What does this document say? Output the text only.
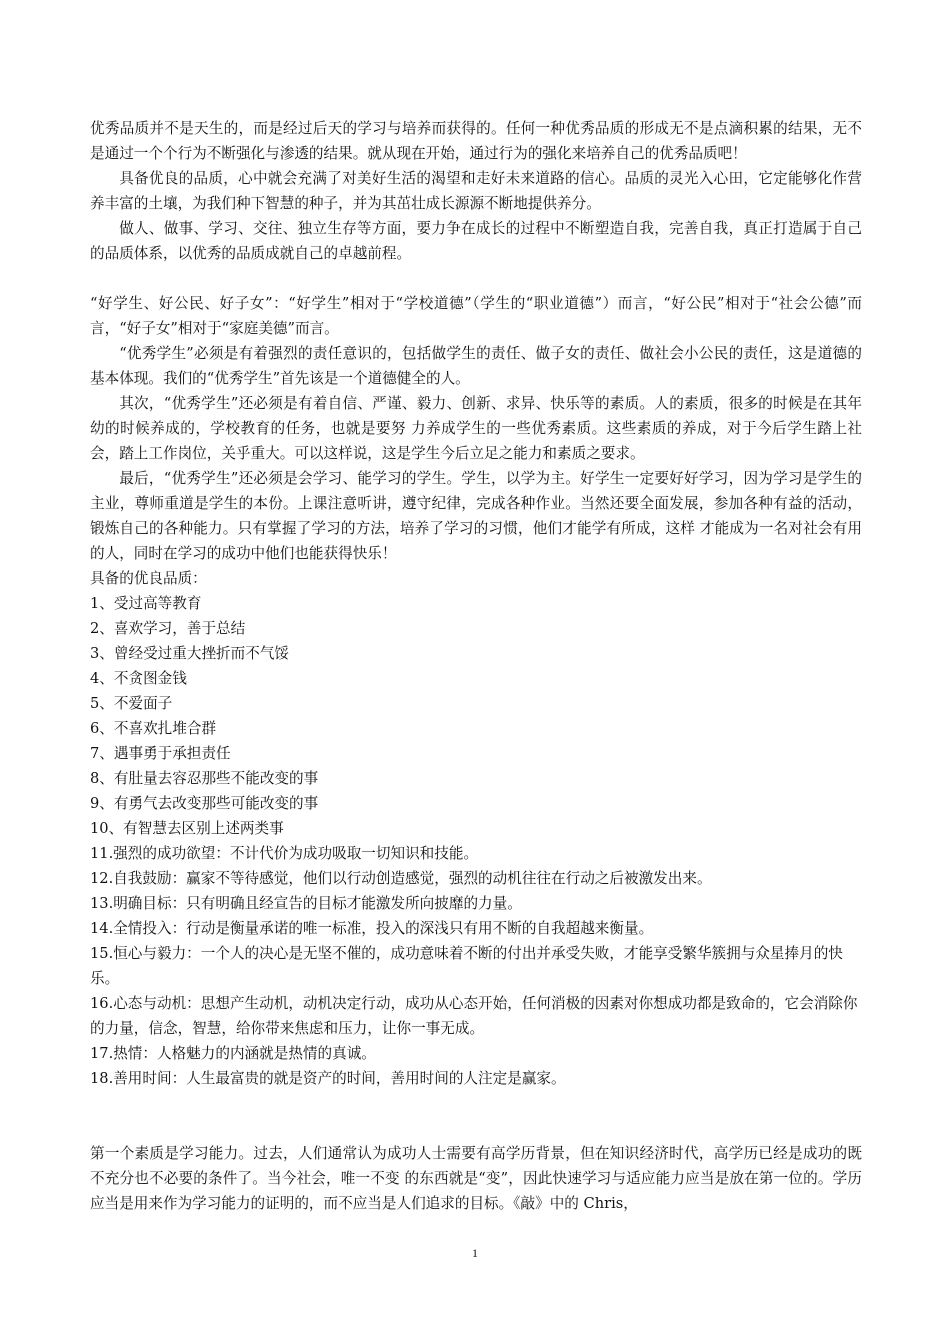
优秀品质并不是天生的，而是经过后天的学习与培养而获得的。任何一种优秀品质的形成无不是点滴积累的结果，无不是通过一个个行为不断强化与渗透的结果。就从现在开始，通过行为的强化来培养自己的优秀品质吧！

具备优良的品质，心中就会充满了对美好生活的渴望和走好未来道路的信心。品质的灵光入心田，它定能够化作营养丰富的土壤，为我们种下智慧的种子，并为其茁壮成长源源不断地提供养分。

做人、做事、学习、交往、独立生存等方面，要力争在成长的过程中不断塑造自我，完善自我，真正打造属于自己的品质体系，以优秀的品质成就自己的卓越前程。

“好学生、好公民、好子女”：“好学生”相对于“学校道德”（学生的“职业道德”）而言，“好公民”相对于“社会公德”而言，“好子女”相对于“家庭美德”而言。

“优秀学生”必须是有着强烈的责任意识的，包括做学生的责任、做子女的责任、做社会小公民的责任，这是道德的基本体现。我们的“优秀学生”首先该是一个道德健全的人。

其次，“优秀学生”还必须是有着自信、严谨、毅力、创新、求异、快乐等的素质。人的素质，很多的时候是在其年幼的时候养成的，学校教育的任务，也就是要努 力养成学生的一些优秀素质。这些素质的养成，对于今后学生踏上社会，踏上工作岗位，关乎重大。可以这样说，这是学生今后立足之能力和素质之要求。

最后，“优秀学生”还必须是会学习、能学习的学生。学生，以学为主。好学生一定要好好学习，因为学习是学生的主业，尊师重道是学生的本份。上课注意听讲，遵守纪律，完成各种作业。当然还要全面发展，参加各种有益的活动，锻炼自己的各种能力。只有掌握了学习的方法，培养了学习的习惯，他们才能学有所成，这样 才能成为一名对社会有用的人，同时在学习的成功中他们也能获得快乐！

具备的优良品质：

1、受过高等教育
2、喜欢学习，善于总结
3、曾经受过重大挫折而不气馁
4、不贪图金钱
5、不爱面子
6、不喜欢扎堆合群
7、遇事勇于承担责任
8、有肚量去容忍那些不能改变的事
9、有勇气去改变那些可能改变的事
10、有智慧去区别上述两类事
11.强烈的成功欲望：不计代价为成功吸取一切知识和技能。
12.自我鼓励：赢家不等待感觉，他们以行动创造感觉，强烈的动机往往在行动之后被激发出来。
13.明确目标：只有明确且经宣告的目标才能激发所向披靡的力量。
14.全情投入：行动是衡量承诺的唯一标准，投入的深浅只有用不断的自我超越来衡量。
15.恒心与毅力：一个人的决心是无坚不催的，成功意味着不断的付出并承受失败，才能享受繁华簇拥与众星捧月的快乐。
16.心态与动机：思想产生动机，动机决定行动，成功从心态开始，任何消极的因素对你想成功都是致命的，它会消除你的力量，信念，智慧，给你带来焦虑和压力，让你一事无成。
17.热情：人格魅力的内涵就是热情的真诚。
18.善用时间：人生最富贵的就是资产的时间，善用时间的人注定是赢家。

第一个素质是学习能力。过去，人们通常认为成功人士需要有高学历背景，但在知识经济时代，高学历已经是成功的既不充分也不必要的条件了。当今社会，唯一不变 的东西就是“变”，因此快速学习与适应能力应当是放在第一位的。学历应当是用来作为学习能力的证明的，而不应当是人们追求的目标。《敲》中的 Chris，

1
